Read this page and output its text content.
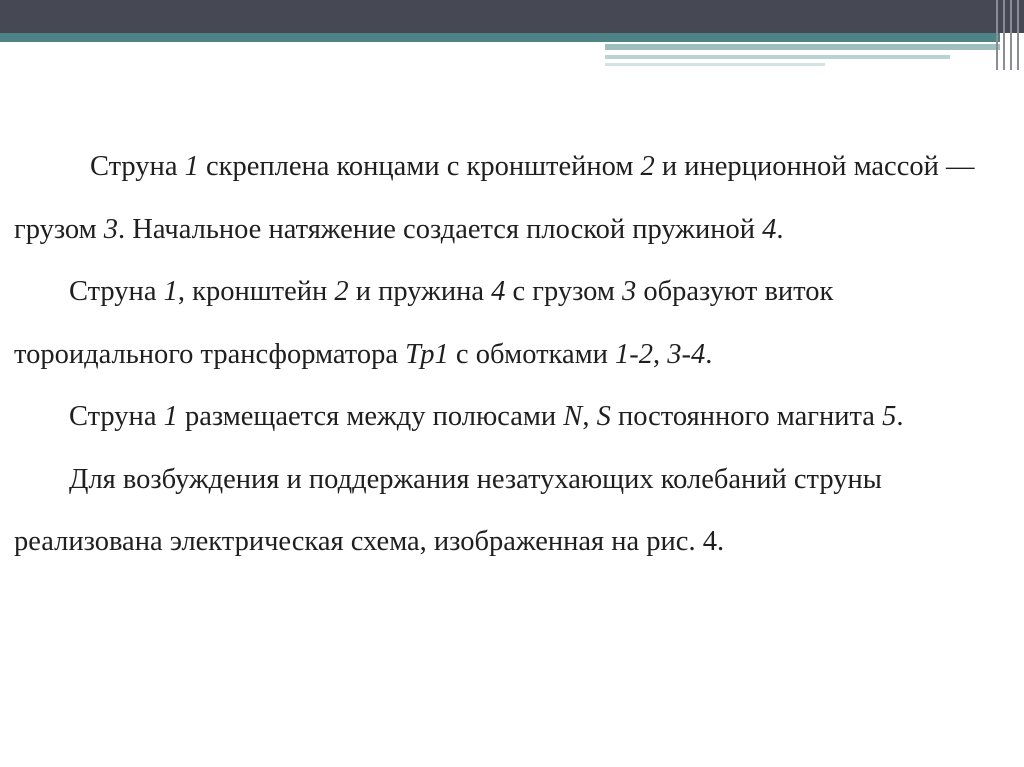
Струна 1 скреплена концами с кронштейном 2 и инерционной массой — грузом 3. Начальное натяжение создается плоской пружиной 4.

Струна 1, кронштейн 2 и пружина 4 с грузом 3 образуют виток тороидального трансформатора Тр1 с обмотками 1-2, 3-4.

Струна 1 размещается между полюсами N, S постоянного магнита 5.

Для возбуждения и поддержания незатухающих колебаний струны реализована электрическая схема, изображенная на рис. 4.
